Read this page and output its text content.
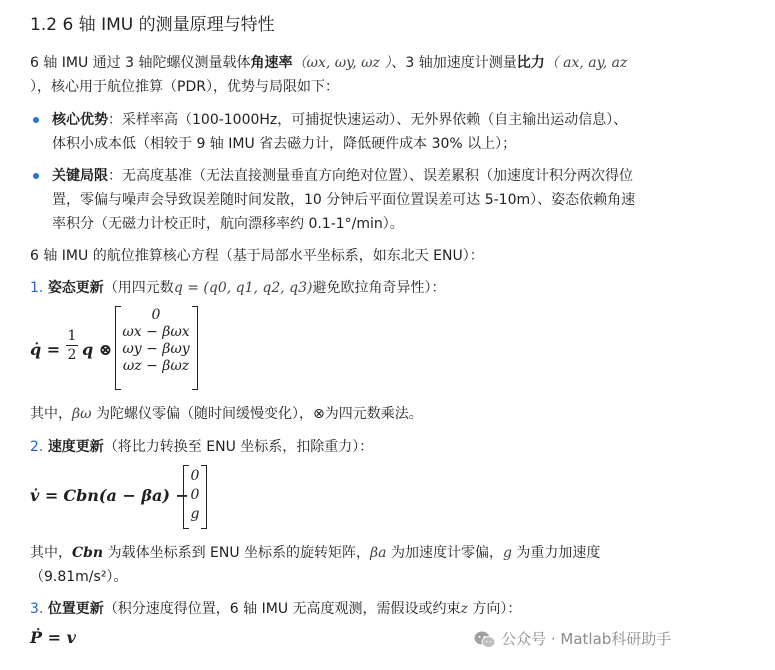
1.2 6 轴 IMU 的测量原理与特性
6 轴 IMU 通过 3 轴陀螺仪测量载体角速率（ωx, ωy, ωz ）、3 轴加速度计测量比力（ ax, ay, az
），核心用于航位推算（PDR），优势与局限如下：
核心优势：采样率高（100-1000Hz，可捕捉快速运动）、无外界依赖（自主输出运动信息）、
体积小成本低（相较于 9 轴 IMU 省去磁力计，降低硬件成本 30% 以上）；
关键局限：无高度基准（无法直接测量垂直方向绝对位置）、误差累积（加速度计积分两次得位
置，零偏与噪声会导致误差随时间发散，10 分钟后平面位置误差可达 5-10m）、姿态依赖角速
率积分（无磁力计校正时，航向漂移率约 0.1-1°/min）。
6 轴 IMU 的航位推算核心方程（基于局部水平坐标系，如东北天 ENU）：
1. 姿态更新（用四元数q = (q0, q1, q2, q3)避免欧拉角奇异性）：
q̇ = $\frac{1}{2}$ q ⊗
0
ωx − βωx
ωy − βωy
ωz − βωz
其中，βω 为陀螺仪零偏（随时间缓慢变化），⊗为四元数乘法。
2. 速度更新（将比力转换至 ENU 坐标系，扣除重力）：
v̇ = Cbn(a − βa) −
0
0
g
其中，Cbn 为载体坐标系到 ENU 坐标系的旋转矩阵，βa 为加速度计零偏，g 为重力加速度
（9.81m/s²）。
3. 位置更新（积分速度得位置，6 轴 IMU 无高度观测，需假设或约束z 方向）：
Ṗ = v	公众号 · Matlab科研助手
